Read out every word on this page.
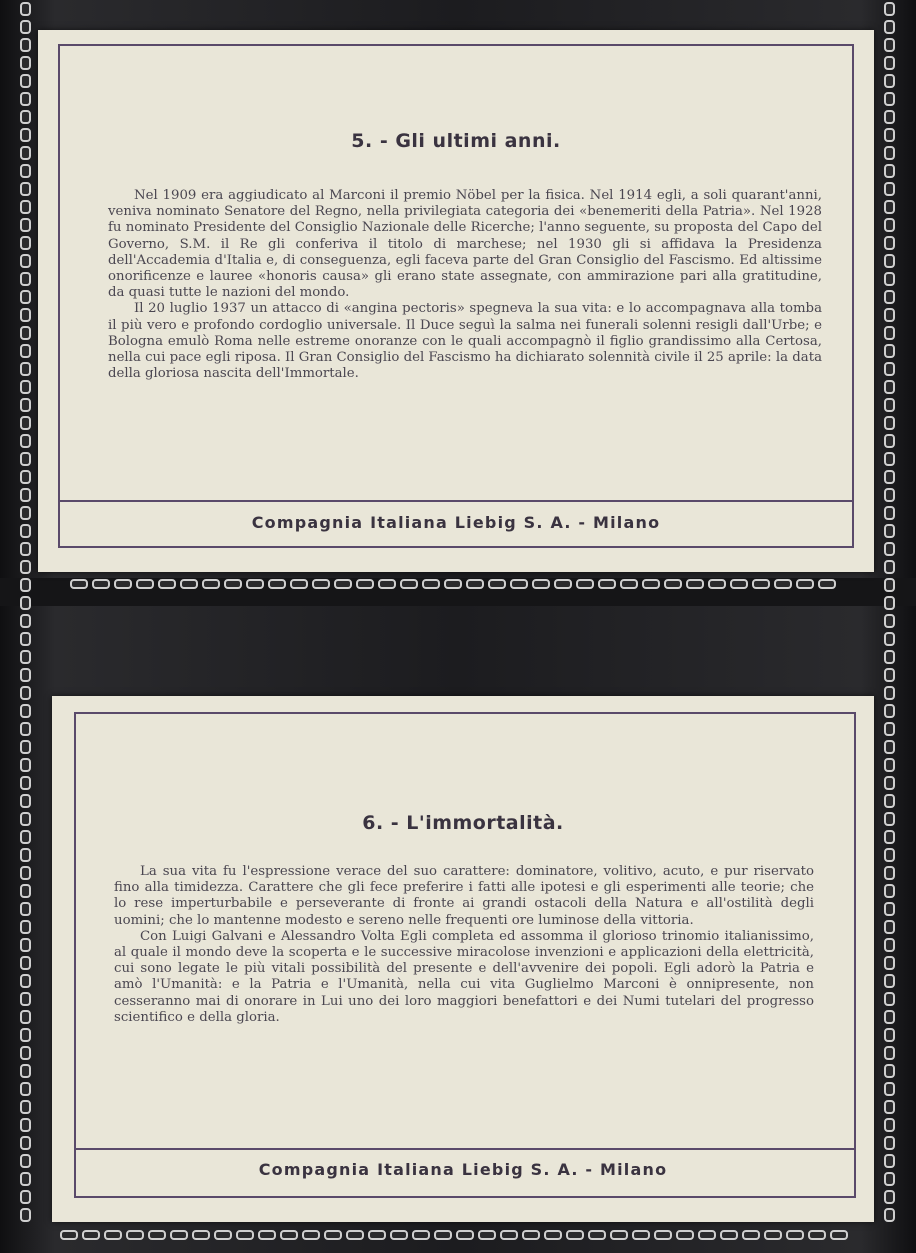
5. - Gli ultimi anni.

Nel 1909 era aggiudicato al Marconi il premio Nöbel per la fisica. Nel 1914 egli, a soli quarant'anni, veniva nominato Senatore del Regno, nella privilegiata categoria dei «benemeriti della Patria». Nel 1928 fu nominato Presidente del Consiglio Nazionale delle Ricerche; l'anno seguente, su proposta del Capo del Governo, S.M. il Re gli conferiva il titolo di marchese; nel 1930 gli si affidava la Presidenza dell'Accademia d'Italia e, di conseguenza, egli faceva parte del Gran Consiglio del Fascismo. Ed altissime onorificenze e lauree «honoris causa» gli erano state assegnate, con ammirazione pari alla gratitudine, da quasi tutte le nazioni del mondo.

Il 20 luglio 1937 un attacco di «angina pectoris» spegneva la sua vita: e lo accompagnava alla tomba il più vero e profondo cordoglio universale. Il Duce seguì la salma nei funerali solenni resigli dall'Urbe; e Bologna emulò Roma nelle estreme onoranze con le quali accompagnò il figlio grandissimo alla Certosa, nella cui pace egli riposa. Il Gran Consiglio del Fascismo ha dichiarato solennità civile il 25 aprile: la data della gloriosa nascita dell'Immortale.

Compagnia Italiana Liebig S. A. - Milano
6. - L'immortalità.

La sua vita fu l'espressione verace del suo carattere: dominatore, volitivo, acuto, e pur riservato fino alla timidezza. Carattere che gli fece preferire i fatti alle ipotesi e gli esperimenti alle teorie; che lo rese imperturbabile e perseverante di fronte ai grandi ostacoli della Natura e all'ostilità degli uomini; che lo mantenne modesto e sereno nelle frequenti ore luminose della vittoria.

Con Luigi Galvani e Alessandro Volta Egli completa ed assomma il glorioso trinomio italianissimo, al quale il mondo deve la scoperta e le successive miracolose invenzioni e applicazioni della elettricità, cui sono legate le più vitali possibilità del presente e dell'avvenire dei popoli. Egli adorò la Patria e amò l'Umanità: e la Patria e l'Umanità, nella cui vita Guglielmo Marconi è onnipresente, non cesseranno mai di onorare in Lui uno dei loro maggiori benefattori e dei Numi tutelari del progresso scientifico e della gloria.

Compagnia Italiana Liebig S. A. - Milano
